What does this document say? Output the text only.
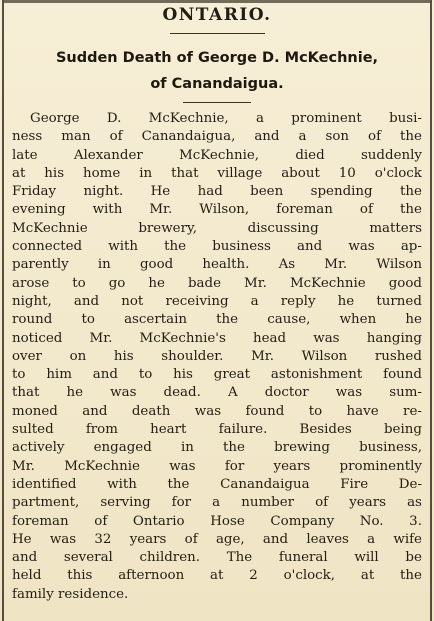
ONTARIO.
Sudden Death of George D. McKechnie,
of Canandaigua.
George D. McKechnie, a prominent busi-
ness man of Canandaigua, and a son of the
late	Alexander	McKechnie,	died	suddenly
at his home in that village about 10 o'clock
Friday night. He had been spending the
evening with Mr. Wilson, foreman of the
McKechnie	brewery,	discussing	matters
connected with the business and was ap-
parently in good health. As Mr. Wilson
arose to go he bade Mr. McKechnie good
night, and not receiving a reply he turned
round to ascertain the cause, when he
noticed Mr. McKechnie's head was hanging
over on his shoulder. Mr. Wilson rushed
to him and to his great astonishment found
that he was dead. A doctor was sum-
moned and death was found to have re-
sulted from heart failure. Besides being
actively engaged in the brewing business,
Mr. McKechnie was for years prominently
identified with the Canandaigua Fire De-
partment, serving for a number of years as
foreman of Ontario Hose Company No. 3.
He was 32 years of age, and leaves a wife
and several children. The funeral will be
held this afternoon at 2 o'clock, at the
family residence.
